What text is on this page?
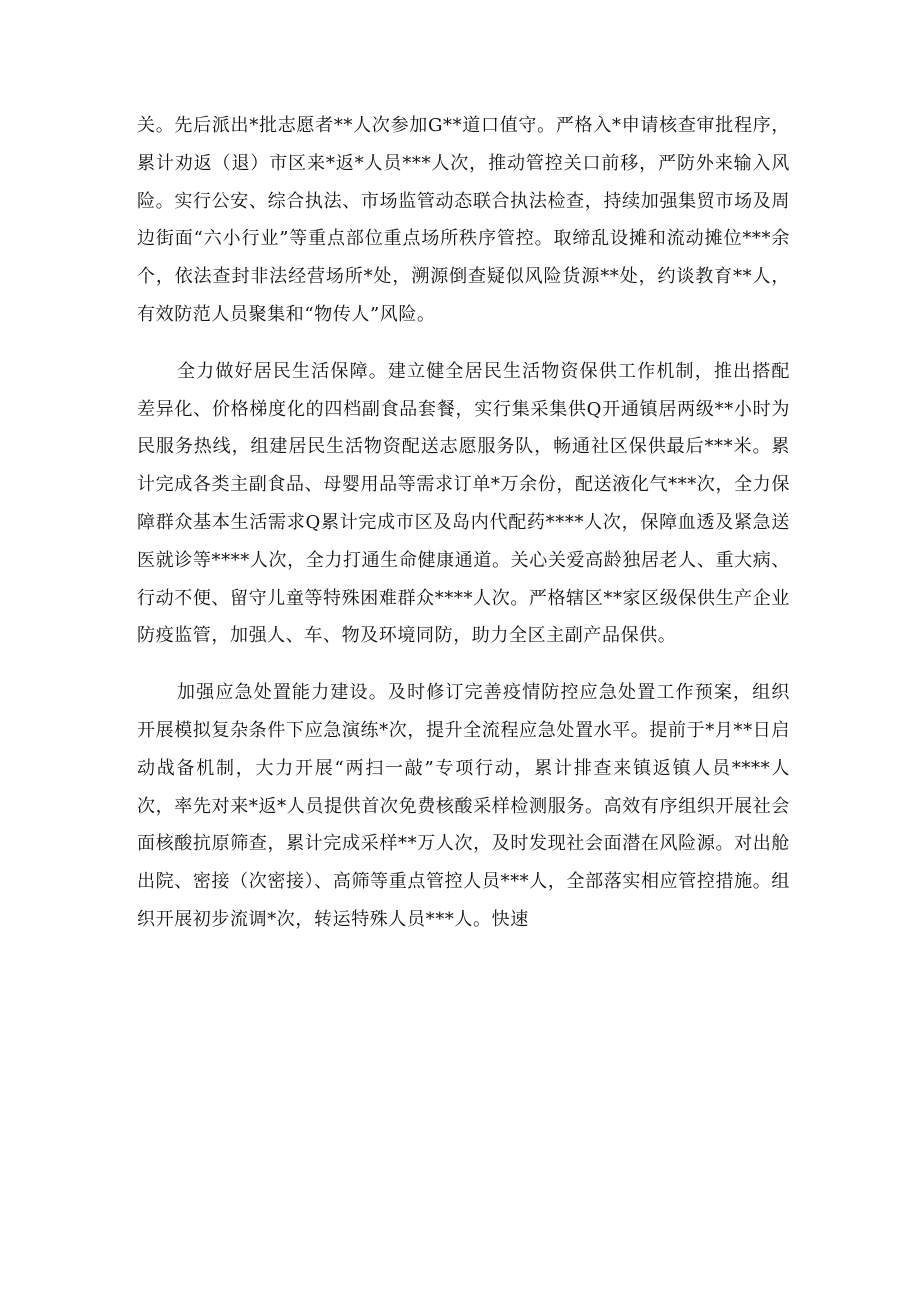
关。先后派出*批志愿者**人次参加G**道口值守。严格入*申请核查审批程序，累计劝返（退）市区来*返*人员***人次，推动管控关口前移，严防外来输入风险。实行公安、综合执法、市场监管动态联合执法检查，持续加强集贸市场及周边街面“六小行业”等重点部位重点场所秩序管控。取缔乱设摊和流动摊位***余个，依法查封非法经营场所*处，溯源倒查疑似风险货源**处，约谈教育**人，有效防范人员聚集和“物传人”风险。

全力做好居民生活保障。建立健全居民生活物资保供工作机制，推出搭配差异化、价格梯度化的四档副食品套餐，实行集采集供Q开通镇居两级**小时为民服务热线，组建居民生活物资配送志愿服务队，畅通社区保供最后***米。累计完成各类主副食品、母婴用品等需求订单*万余份，配送液化气***次，全力保障群众基本生活需求Q累计完成市区及岛内代配药****人次，保障血透及紧急送医就诊等****人次，全力打通生命健康通道。关心关爱高龄独居老人、重大病、行动不便、留守儿童等特殊困难群众****人次。严格辖区**家区级保供生产企业防疫监管，加强人、车、物及环境同防，助力全区主副产品保供。

加强应急处置能力建设。及时修订完善疫情防控应急处置工作预案，组织开展模拟复杂条件下应急演练*次，提升全流程应急处置水平。提前于*月**日启动战备机制，大力开展“两扫一敲”专项行动，累计排查来镇返镇人员****人次，率先对来*返*人员提供首次免费核酸采样检测服务。高效有序组织开展社会面核酸抗原筛查，累计完成采样**万人次，及时发现社会面潜在风险源。对出舱出院、密接（次密接）、高筛等重点管控人员***人，全部落实相应管控措施。组织开展初步流调*次，转运特殊人员***人。快速
